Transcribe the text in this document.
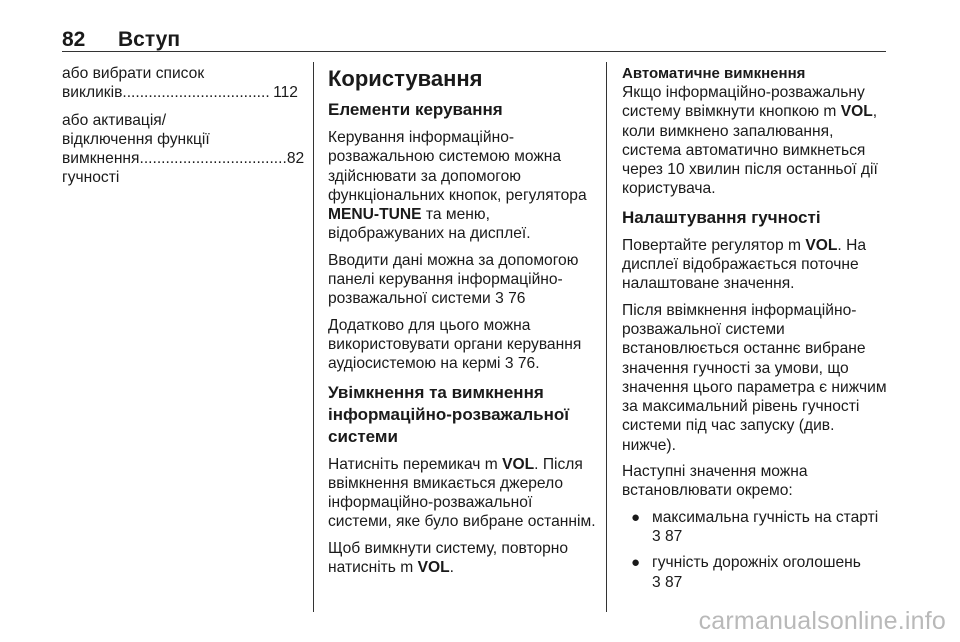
82 Вступ
або вибрати список
викликів .................................. 112
або активація/
відключення функції
вимкнення гучності
.................................. 82
Користування
Елементи керування

Керування інформаційно-розважальною системою можна здійснювати за допомогою функціональних кнопок, регулятора MENU-TUNE та меню, відображуваних на дисплеї.

Вводити дані можна за допомогою панелі керування інформаційно-розважальної системи 3 76

Додатково для цього можна використовувати органи керування аудіосистемою на кермі 3 76.

Увімкнення та вимкнення інформаційно-розважальної системи

Натисніть перемикач m VOL. Після ввімкнення вмикається джерело інформаційно-розважальної системи, яке було вибране останнім.

Щоб вимкнути систему, повторно натисніть m VOL.

Автоматичне вимкнення

Якщо інформаційно-розважальну систему ввімкнути кнопкою m VOL, коли вимкнено запалювання, система автоматично вимкнеться через 10 хвилин після останньої дії користувача.

Налаштування гучності

Повертайте регулятор m VOL. На дисплеї відображається поточне налаштоване значення.

Після ввімкнення інформаційно-розважальної системи встановлюється останнє вибране значення гучності за умови, що значення цього параметра є нижчим за максимальний рівень гучності системи під час запуску (див. нижче).

Наступні значення можна встановлювати окремо:

● максимальна гучність на старті
3 87
● гучність дорожніх оголошень
3 87
carmanualsonline.info
